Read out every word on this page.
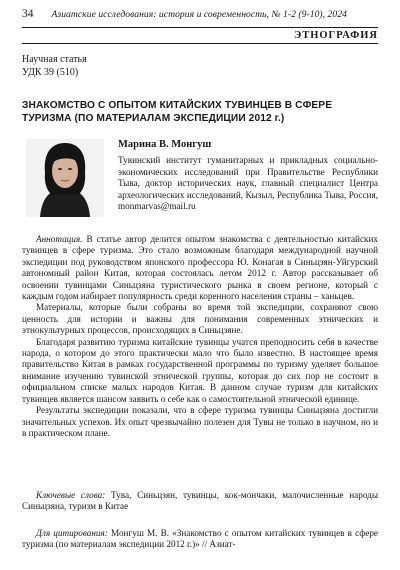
34 Азиатские исследования: история и современность, № 1-2 (9-10), 2024
ЭТНОГРАФИЯ
Научная статья
УДК 39 (510)
ЗНАКОМСТВО С ОПЫТОМ КИТАЙСКИХ ТУВИНЦЕВ В СФЕРЕ ТУРИЗМА (ПО МАТЕРИАЛАМ ЭКСПЕДИЦИИ 2012 г.)
Марина В. Монгуш

Тувинский институт гуманитарных и прикладных социально-экономических исследований при Правительстве Республики Тыва, доктор исторических наук, главный специалист Центра археологических исследований, Кызыл, Республика Тыва, Россия, monmarvas@mail.ru

Аннотация. В статье автор делится опытом знакомства с деятельностью китайских тувинцев в сфере туризма. Это стало возможным благодаря международной научной экспедиции под руководством японского профессора Ю. Конагая в Синьцзян-Уйгурский автономный район Китая, которая состоялась летом 2012 г. Автор рассказывает об освоении тувинцами Синьцзяна туристического рынка в своем регионе, который с каждым годом набирает популярность среди коренного населения страны – ханьцев.

Материалы, которые были собраны во время той экспедиции, сохраняют свою ценность для истории и важны для понимания современных этнических и этнокультурных процессов, происходящих в Синьцзяне.

Благодаря развитию туризма китайские тувинцы учатся преподносить себя в качестве народа, о котором до этого практически мало что было известно. В настоящее время правительство Китая в рамках государственной программы по туризму уделяет большое внимание изучению тувинской этнической группы, которая до сих пор не состоит в официальном списке малых народов Китая. В данном случае туризм для китайских тувинцев является шансом заявить о себе как о самостоятельной этнической единице.

Результаты экспедиции показали, что в сфере туризма тувинцы Синьцзяна достигли значительных успехов. Их опыт чрезвычайно полезен для Тувы не только в научном, но и в практическом плане.

Ключевые слова: Тува, Синьцзян, тувинцы, кок-мончаки, малочисленные народы Синьцзяна, туризм в Китае

Для цитирования: Монгуш М. В. «Знакомство с опытом китайских тувинцев в сфере туризма (по материалам экспедиции 2012 г.)» // Азиат-
